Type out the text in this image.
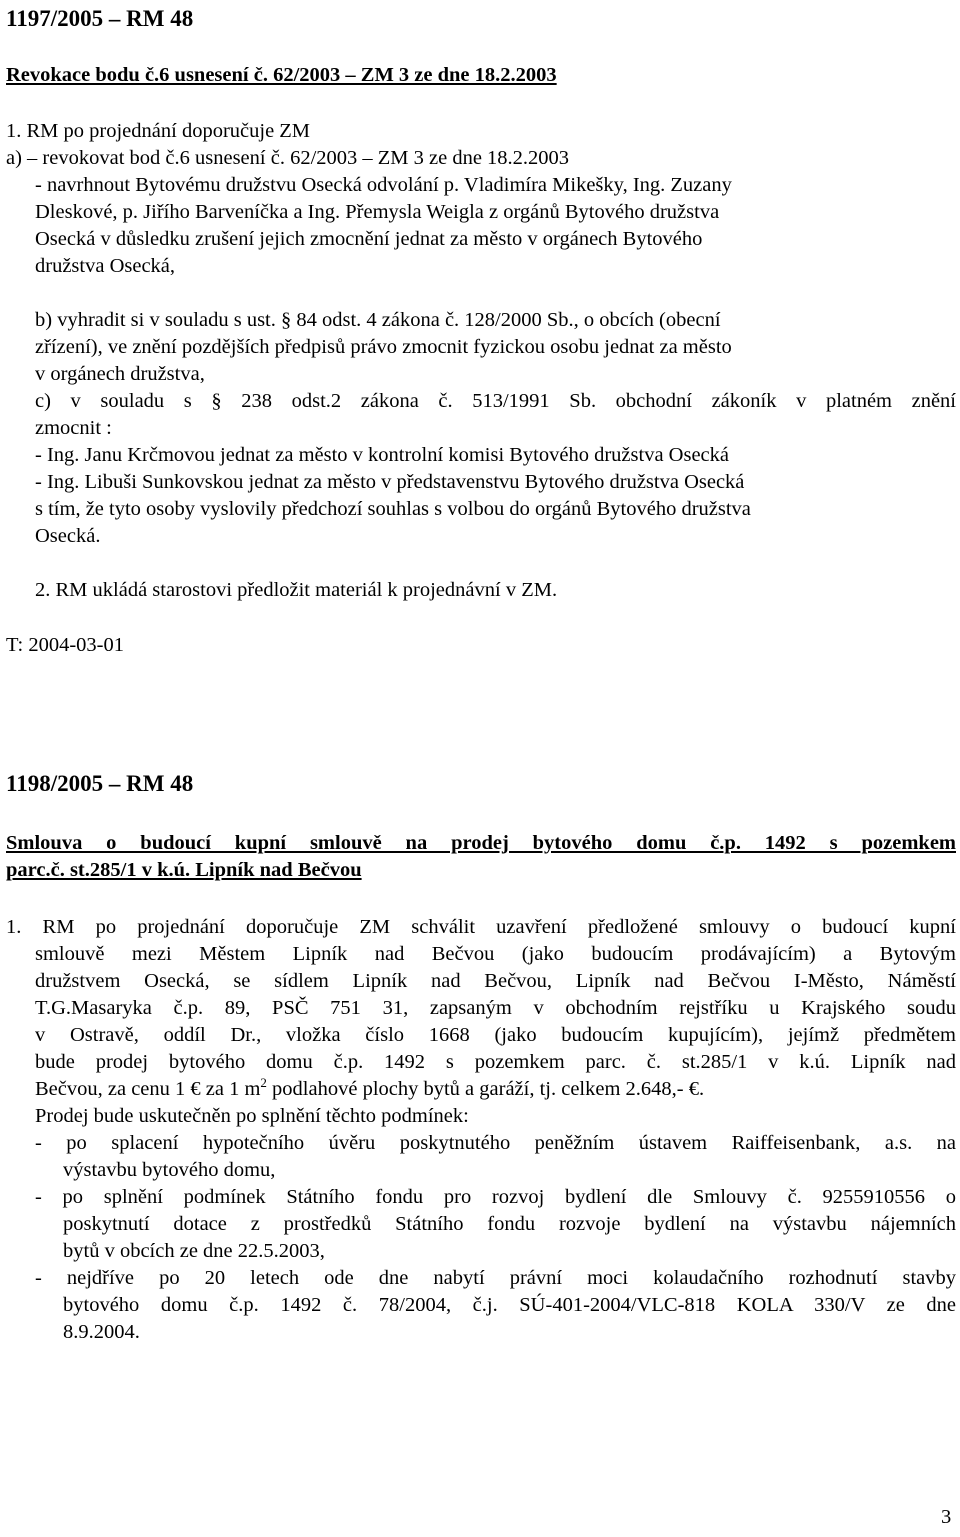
1197/2005 – RM 48
Revokace bodu č.6 usnesení č. 62/2003 – ZM 3 ze dne 18.2.2003
1. RM po projednání doporučuje ZM
a) – revokovat bod č.6 usnesení č. 62/2003 – ZM 3 ze dne 18.2.2003
- navrhnout Bytovému družstvu Osecká odvolání p. Vladimíra Mikešky, Ing. Zuzany
Dleskové, p. Jiřího Barveníčka a Ing. Přemysla Weigla z orgánů Bytového družstva
Osecká v důsledku zrušení jejich zmocnění jednat za město v orgánech Bytového
družstva Osecká,
b) vyhradit si v souladu s ust. § 84 odst. 4 zákona č. 128/2000 Sb., o obcích (obecní
zřízení), ve znění pozdějších předpisů právo zmocnit fyzickou osobu jednat za město
v orgánech družstva,
c) v souladu s § 238 odst.2 zákona č. 513/1991 Sb. obchodní zákoník v platném znění
zmocnit :
- Ing. Janu Krčmovou jednat za město v kontrolní komisi Bytového družstva Osecká
- Ing. Libuši Sunkovskou jednat za město v představenstvu Bytového družstva Osecká
s tím, že tyto osoby vyslovily předchozí souhlas s volbou do orgánů Bytového družstva
Osecká.
2. RM ukládá starostovi předložit materiál k projednávní v ZM.
T: 2004-03-01
1198/2005 – RM 48
Smlouva o budoucí kupní smlouvě na prodej bytového domu č.p. 1492 s pozemkem
parc.č. st.285/1 v k.ú. Lipník nad Bečvou
1. RM po projednání doporučuje ZM schválit uzavření předložené smlouvy o budoucí kupní
smlouvě mezi Městem Lipník nad Bečvou (jako budoucím prodávajícím) a Bytovým
družstvem Osecká, se sídlem Lipník nad Bečvou, Lipník nad Bečvou I-Město, Náměstí
T.G.Masaryka č.p. 89, PSČ 751 31, zapsaným v obchodním rejstříku u Krajského soudu
v Ostravě, oddíl Dr., vložka číslo 1668 (jako budoucím kupujícím), jejímž předmětem
bude prodej bytového domu č.p. 1492 s pozemkem parc. č. st.285/1 v k.ú. Lipník nad
Bečvou, za cenu 1 € za 1 $m^2$ podlahové plochy bytů a garáží, tj. celkem 2.648,- €.
Prodej bude uskutečněn po splnění těchto podmínek:
- po splacení hypotečního úvěru poskytnutého peněžním ústavem Raiffeisenbank, a.s. na
výstavbu bytového domu,
- po splnění podmínek Státního fondu pro rozvoj bydlení dle Smlouvy č. 9255910556 o
poskytnutí dotace z prostředků Státního fondu rozvoje bydlení na výstavbu nájemních
bytů v obcích ze dne 22.5.2003,
- nejdříve po 20 letech ode dne nabytí právní moci kolaudačního rozhodnutí stavby
bytového domu č.p. 1492 č. 78/2004, č.j. SÚ-401-2004/VLC-818 KOLA 330/V ze dne
8.9.2004.
3
